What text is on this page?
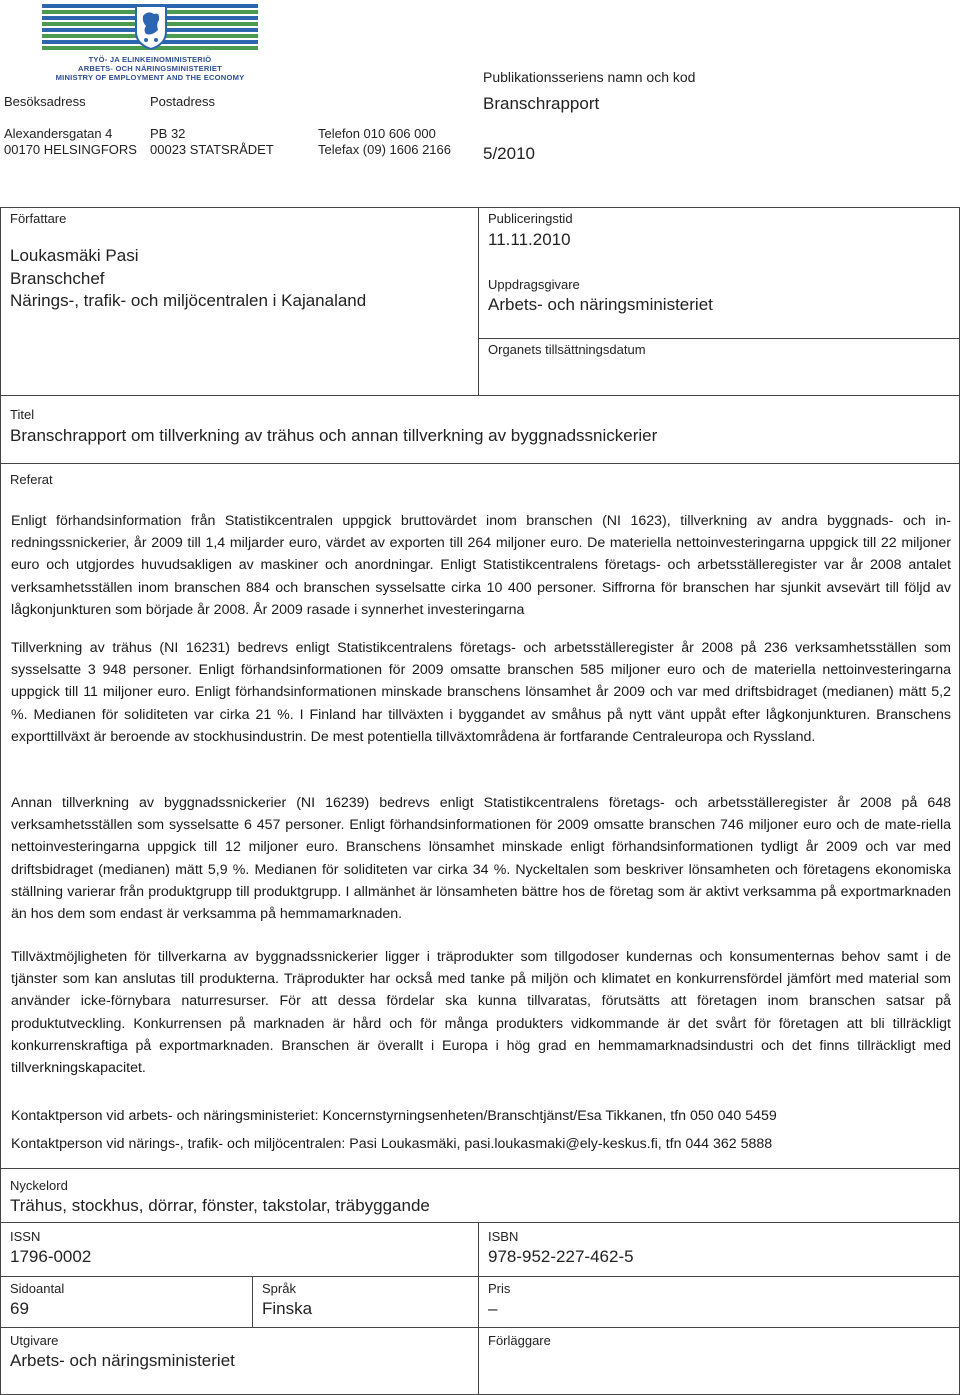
TYÖ- JA ELINKEINOMINISTERIÖ
ARBETS- OCH NÄRINGSMINISTERIET
MINISTRY OF EMPLOYMENT AND THE ECONOMY
Besöksadress	Postadress
Alexandersgatan 4
00170 HELSINGFORS
PB 32
00023 STATSRÅDET
Telefon 010 606 000
Telefax (09) 1606 2166
Publikationsseriens namn och kod
Branschrapport
5/2010
Författare
Loukasmäki Pasi
Branschchef
Närings-, trafik- och miljöcentralen i Kajanaland
Publiceringstid
11.11.2010
Uppdragsgivare
Arbets- och näringsministeriet
Organets tillsättningsdatum
Titel
Branschrapport om tillverkning av trähus och annan tillverkning av byggnadssnickerier
Referat

Enligt förhandsinformation från Statistikcentralen uppgick bruttovärdet inom branschen (NI 1623), tillverkning av andra byggnads- och in-redningssnickerier, år 2009 till 1,4 miljarder euro, värdet av exporten till 264 miljoner euro. De materiella nettoinvesteringarna uppgick till 22 miljoner euro och utgjordes huvudsakligen av maskiner och anordningar. Enligt Statistikcentralens företags- och arbetsställeregister var år 2008 antalet verksamhetsställen inom branschen 884 och branschen sysselsatte cirka 10 400 personer. Siffrorna för branschen har sjunkit avsevärt till följd av lågkonjunkturen som började år 2008. År 2009 rasade i synnerhet investeringarna

Tillverkning av trähus (NI 16231) bedrevs enligt Statistikcentralens företags- och arbetsställeregister år 2008 på 236 verksamhetsställen som sysselsatte 3 948 personer. Enligt förhandsinformationen för 2009 omsatte branschen 585 miljoner euro och de materiella nettoinvesteringarna uppgick till 11 miljoner euro. Enligt förhandsinformationen minskade branschens lönsamhet år 2009 och var med driftsbidraget (medianen) mätt 5,2 %. Medianen för soliditeten var cirka 21 %. I Finland har tillväxten i byggandet av småhus på nytt vänt uppåt efter lågkonjunkturen. Branschens exporttillväxt är beroende av stockhusindustrin. De mest potentiella tillväxtområdena är fortfarande Centraleuropa och Ryssland.

Annan tillverkning av byggnadssnickerier (NI 16239) bedrevs enligt Statistikcentralens företags- och arbetsställeregister år 2008 på 648 verksamhetsställen som sysselsatte 6 457 personer. Enligt förhandsinformationen för 2009 omsatte branschen 746 miljoner euro och de mate-riella nettoinvesteringarna uppgick till 12 miljoner euro. Branschens lönsamhet minskade enligt förhandsinformationen tydligt år 2009 och var med driftsbidraget (medianen) mätt 5,9 %. Medianen för soliditeten var cirka 34 %. Nyckeltalen som beskriver lönsamheten och företagens ekonomiska ställning varierar från produktgrupp till produktgrupp. I allmänhet är lönsamheten bättre hos de företag som är aktivt verksamma på exportmarknaden än hos dem som endast är verksamma på hemmamarknaden.

Tillväxtmöjligheten för tillverkarna av byggnadssnickerier ligger i träprodukter som tillgodoser kundernas och konsumenternas behov samt i de tjänster som kan anslutas till produkterna. Träprodukter har också med tanke på miljön och klimatet en konkurrensfördel jämfört med material som använder icke-förnybara naturresurser. För att dessa fördelar ska kunna tillvaratas, förutsätts att företagen inom branschen satsar på produktutveckling. Konkurrensen på marknaden är hård och för många produkters vidkommande är det svårt för företagen att bli tillräckligt konkurrenskraftiga på exportmarknaden. Branschen är överallt i Europa i hög grad en hemmamarknadsindustri och det finns tillräckligt med tillverkningskapacitet.

Kontaktperson vid arbets- och näringsministeriet: Koncernstyrningsenheten/Branschtjänst/Esa Tikkanen, tfn 050 040 5459
Kontaktperson vid närings-, trafik- och miljöcentralen: Pasi Loukasmäki, pasi.loukasmaki@ely-keskus.fi, tfn 044 362 5888
Nyckelord
Trähus, stockhus, dörrar, fönster, takstolar, träbyggande
ISSN
1796-0002
ISBN
978-952-227-462-5
Sidoantal
69
Språk
Finska
Pris
–
Utgivare
Arbets- och näringsministeriet
Förläggare
